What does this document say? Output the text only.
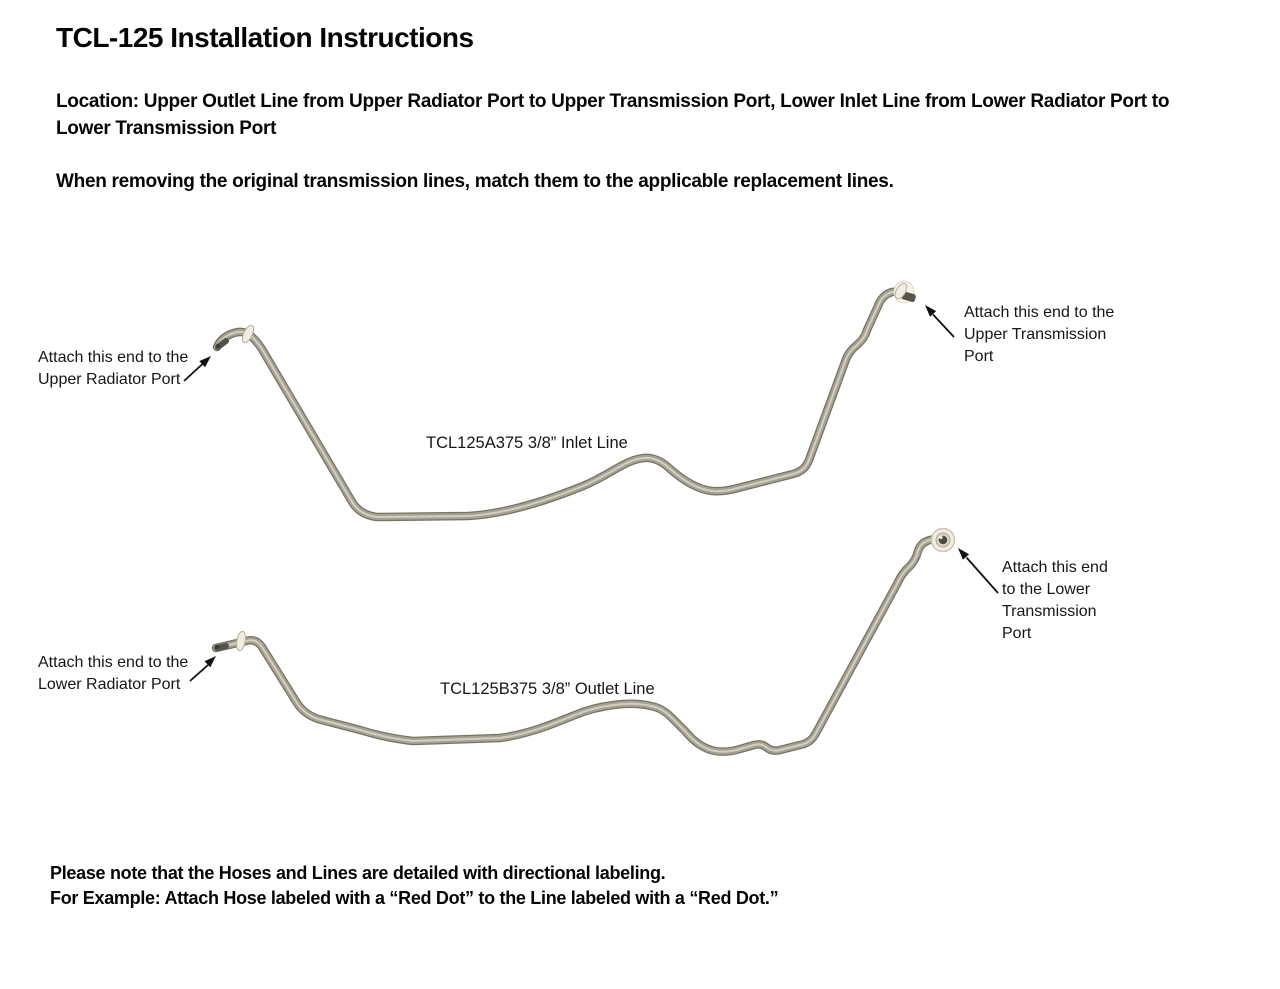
TCL-125 Installation Instructions

Location: Upper Outlet Line from Upper Radiator Port to Upper Transmission Port, Lower Inlet Line from Lower Radiator Port to Lower Transmission Port

When removing the original transmission lines, match them to the applicable replacement lines.

Attach this end to the Upper Radiator Port
Attach this end to the Upper Transmission Port
TCL125A375 3/8” Inlet Line
Attach this end to the Lower Radiator Port
Attach this end to the Lower Transmission Port
TCL125B375 3/8” Outlet Line

Please note that the Hoses and Lines are detailed with directional labeling.

For Example: Attach Hose labeled with a “Red Dot” to the Line labeled with a “Red Dot.”
